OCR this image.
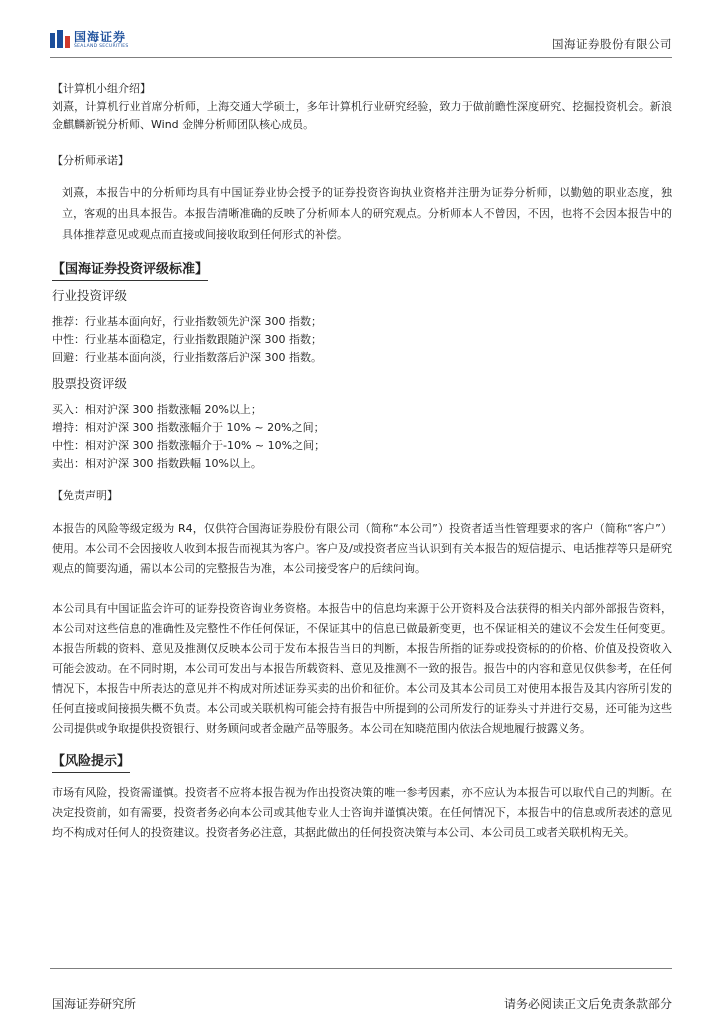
国海证券
SEALAND SECURITIES	国海证券股份有限公司

【计算机小组介绍】

刘熹，计算机行业首席分析师，上海交通大学硕士，多年计算机行业研究经验，致力于做前瞻性深度研究、挖掘投资机会。新浪金麒麟新锐分析师、Wind 金牌分析师团队核心成员。

【分析师承诺】

刘熹，本报告中的分析师均具有中国证券业协会授予的证券投资咨询执业资格并注册为证券分析师，以勤勉的职业态度，独立，客观的出具本报告。本报告清晰准确的反映了分析师本人的研究观点。分析师本人不曾因，不因，也将不会因本报告中的具体推荐意见或观点而直接或间接收取到任何形式的补偿。

【国海证券投资评级标准】

行业投资评级

推荐：行业基本面向好，行业指数领先沪深 300 指数；

中性：行业基本面稳定，行业指数跟随沪深 300 指数；

回避：行业基本面向淡，行业指数落后沪深 300 指数。

股票投资评级

买入：相对沪深 300 指数涨幅 20%以上；

增持：相对沪深 300 指数涨幅介于 10% ~ 20%之间；

中性：相对沪深 300 指数涨幅介于-10% ~ 10%之间；

卖出：相对沪深 300 指数跌幅 10%以上。

【免责声明】

本报告的风险等级定级为 R4，仅供符合国海证券股份有限公司（简称“本公司”）投资者适当性管理要求的客户（简称“客户”）使用。本公司不会因接收人收到本报告而视其为客户。客户及/或投资者应当认识到有关本报告的短信提示、电话推荐等只是研究观点的简要沟通，需以本公司的完整报告为准，本公司接受客户的后续问询。

本公司具有中国证监会许可的证券投资咨询业务资格。本报告中的信息均来源于公开资料及合法获得的相关内部外部报告资料，本公司对这些信息的准确性及完整性不作任何保证，不保证其中的信息已做最新变更，也不保证相关的建议不会发生任何变更。本报告所载的资料、意见及推测仅反映本公司于发布本报告当日的判断，本报告所指的证券或投资标的的价格、价值及投资收入可能会波动。在不同时期，本公司可发出与本报告所载资料、意见及推测不一致的报告。报告中的内容和意见仅供参考，在任何情况下，本报告中所表达的意见并不构成对所述证券买卖的出价和征价。本公司及其本公司员工对使用本报告及其内容所引发的任何直接或间接损失概不负责。本公司或关联机构可能会持有报告中所提到的公司所发行的证券头寸并进行交易，还可能为这些公司提供或争取提供投资银行、财务顾问或者金融产品等服务。本公司在知晓范围内依法合规地履行披露义务。

【风险提示】

市场有风险，投资需谨慎。投资者不应将本报告视为作出投资决策的唯一参考因素，亦不应认为本报告可以取代自己的判断。在决定投资前，如有需要，投资者务必向本公司或其他专业人士咨询并谨慎决策。在任何情况下，本报告中的信息或所表述的意见均不构成对任何人的投资建议。投资者务必注意，其据此做出的任何投资决策与本公司、本公司员工或者关联机构无关。

国海证券研究所	请务必阅读正文后免责条款部分
